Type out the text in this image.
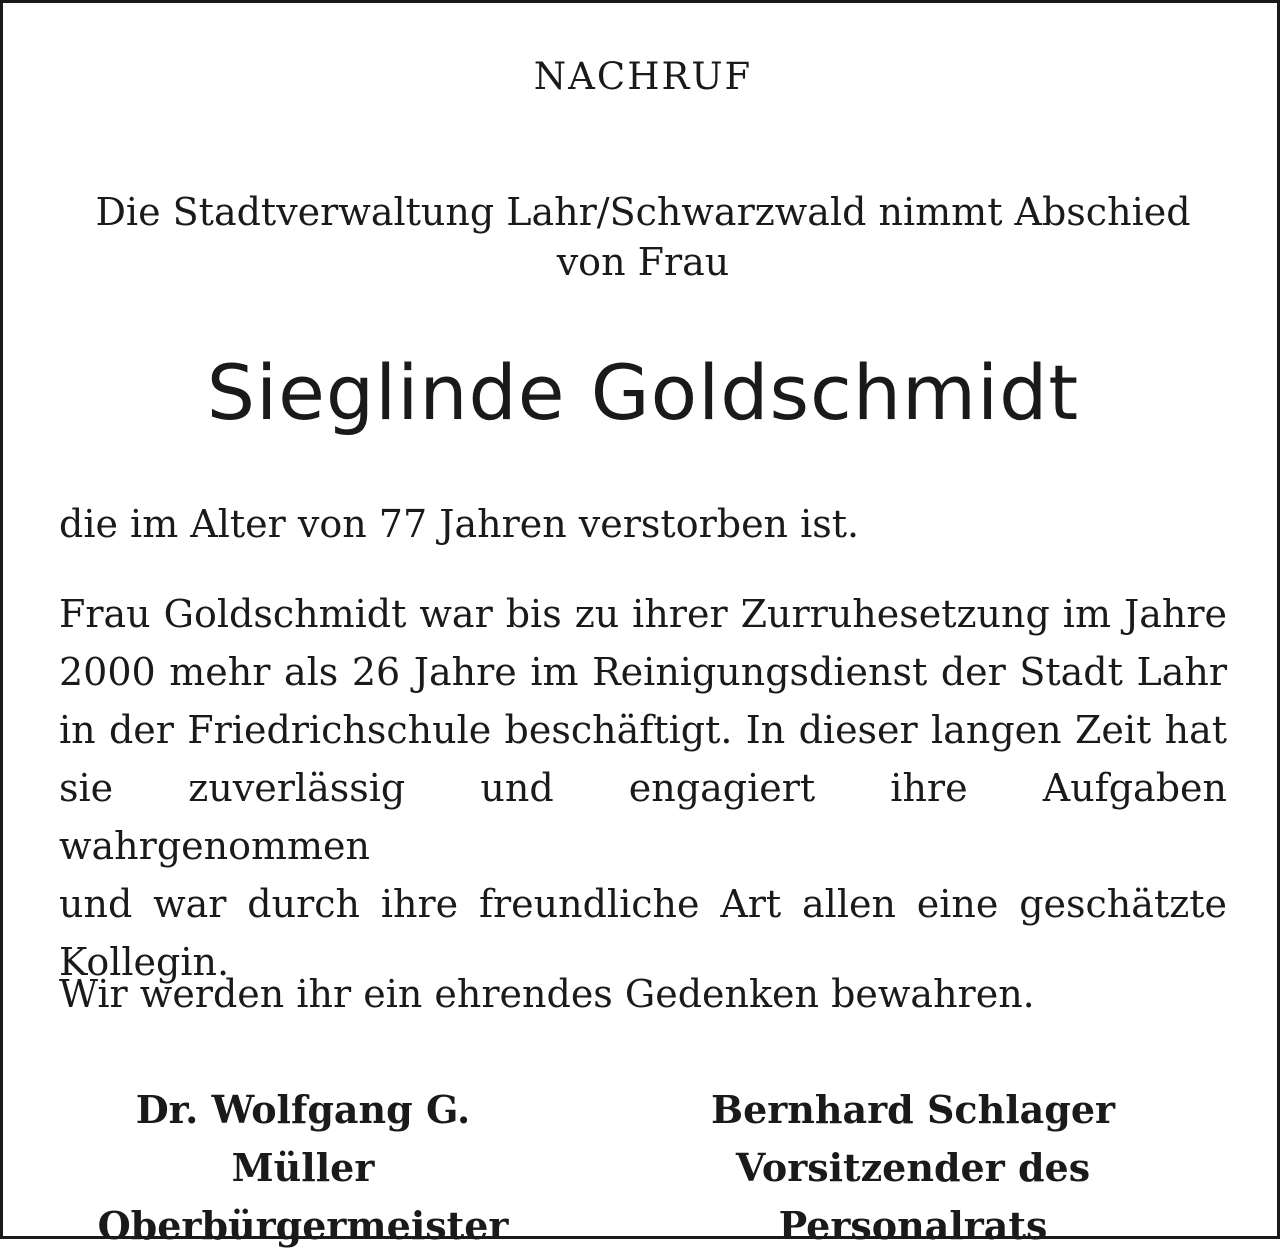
NACHRUF
Die Stadtverwaltung Lahr/Schwarzwald nimmt Abschied
von Frau
Sieglinde Goldschmidt
die im Alter von 77 Jahren verstorben ist.
Frau Goldschmidt war bis zu ihrer Zurruhesetzung im Jahre
2000 mehr als 26 Jahre im Reinigungsdienst der Stadt Lahr
in der Friedrichschule beschäftigt. In dieser langen Zeit hat
sie zuverlässig und engagiert ihre Aufgaben wahrgenommen
und war durch ihre freundliche Art allen eine geschätzte
Kollegin.
Wir werden ihr ein ehrendes Gedenken bewahren.
Dr. Wolfgang G. Müller
Oberbürgermeister
Bernhard Schlager
Vorsitzender des Personalrats
